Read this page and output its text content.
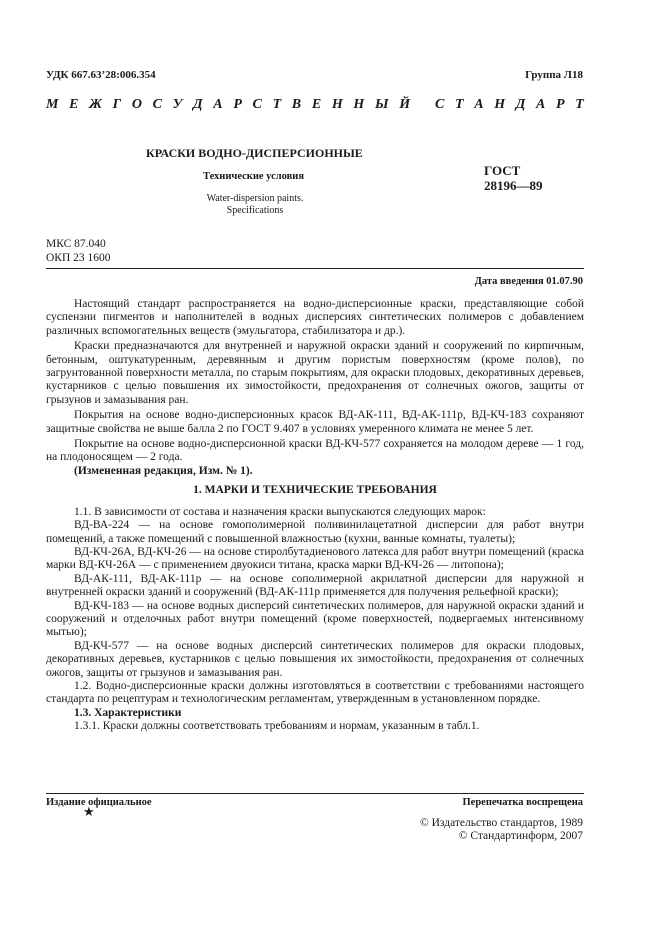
УДК 667.63’28:006.354	Группа Л18
М Е Ж Г О С У Д А Р С Т В Е Н Н Ы Й
С Т А Н Д А Р Т
КРАСКИ ВОДНО-ДИСПЕРСИОННЫЕ
Технические условия
Water-dispersion paints.
Specifications
ГОСТ
28196—89
МКС 87.040
ОКП 23 1600
Дата введения 01.07.90

Настоящий стандарт распространяется на водно-дисперсионные краски, представляющие собой суспензии пигментов и наполнителей в водных дисперсиях синтетических полимеров с добавлением различных вспомогательных веществ (эмульгатора, стабилизатора и др.).

Краски предназначаются для внутренней и наружной окраски зданий и сооружений по кирпичным, бетонным, оштукатуренным, деревянным и другим пористым поверхностям (кроме полов), по загрунтованной поверхности металла, по старым покрытиям, для окраски плодовых, декоративных деревьев, кустарников с целью повышения их зимостойкости, предохранения от солнечных ожогов, защиты от грызунов и замазывания ран.

Покрытия на основе водно-дисперсионных красок ВД-АК-111, ВД-АК-111р, ВД-КЧ-183 сохраняют защитные свойства не выше балла 2 по ГОСТ 9.407 в условиях умеренного климата не менее 5 лет.

Покрытие на основе водно-дисперсионной краски ВД-КЧ-577 сохраняется на молодом дереве — 1 год, на плодоносящем — 2 года.

(Измененная редакция, Изм. № 1).

1. МАРКИ И ТЕХНИЧЕСКИЕ ТРЕБОВАНИЯ

1.1. В зависимости от состава и назначения краски выпускаются следующих марок:

ВД-ВА-224 — на основе гомополимерной поливинилацетатной дисперсии для работ внутри помещений, а также помещений с повышенной влажностью (кухни, ванные комнаты, туалеты);

ВД-КЧ-26А, ВД-КЧ-26 — на основе стиролбутадиенового латекса для работ внутри помещений (краска марки ВД-КЧ-26А — с применением двуокиси титана, краска марки ВД-КЧ-26 — литопона);

ВД-АК-111, ВД-АК-111р — на основе сополимерной акрилатной дисперсии для наружной и внутренней окраски зданий и сооружений (ВД-АК-111р применяется для получения рельефной краски);

ВД-КЧ-183 — на основе водных дисперсий синтетических полимеров, для наружной окраски зданий и сооружений и отделочных работ внутри помещений (кроме поверхностей, подвергаемых интенсивному мытью);

ВД-КЧ-577 — на основе водных дисперсий синтетических полимеров для окраски плодовых, декоративных деревьев, кустарников с целью повышения их зимостойкости, предохранения от солнечных ожогов, защиты от грызунов и замазывания ран.

1.2. Водно-дисперсионные краски должны изготовляться в соответствии с требованиями настоящего стандарта по рецептурам и технологическим регламентам, утвержденным в установленном порядке.

1.3. Характеристики

1.3.1. Краски должны соответствовать требованиям и нормам, указанным в табл.1.

Издание официальное	Перепечатка воспрещена
★
© Издательство стандартов, 1989
© Стандартинформ, 2007
